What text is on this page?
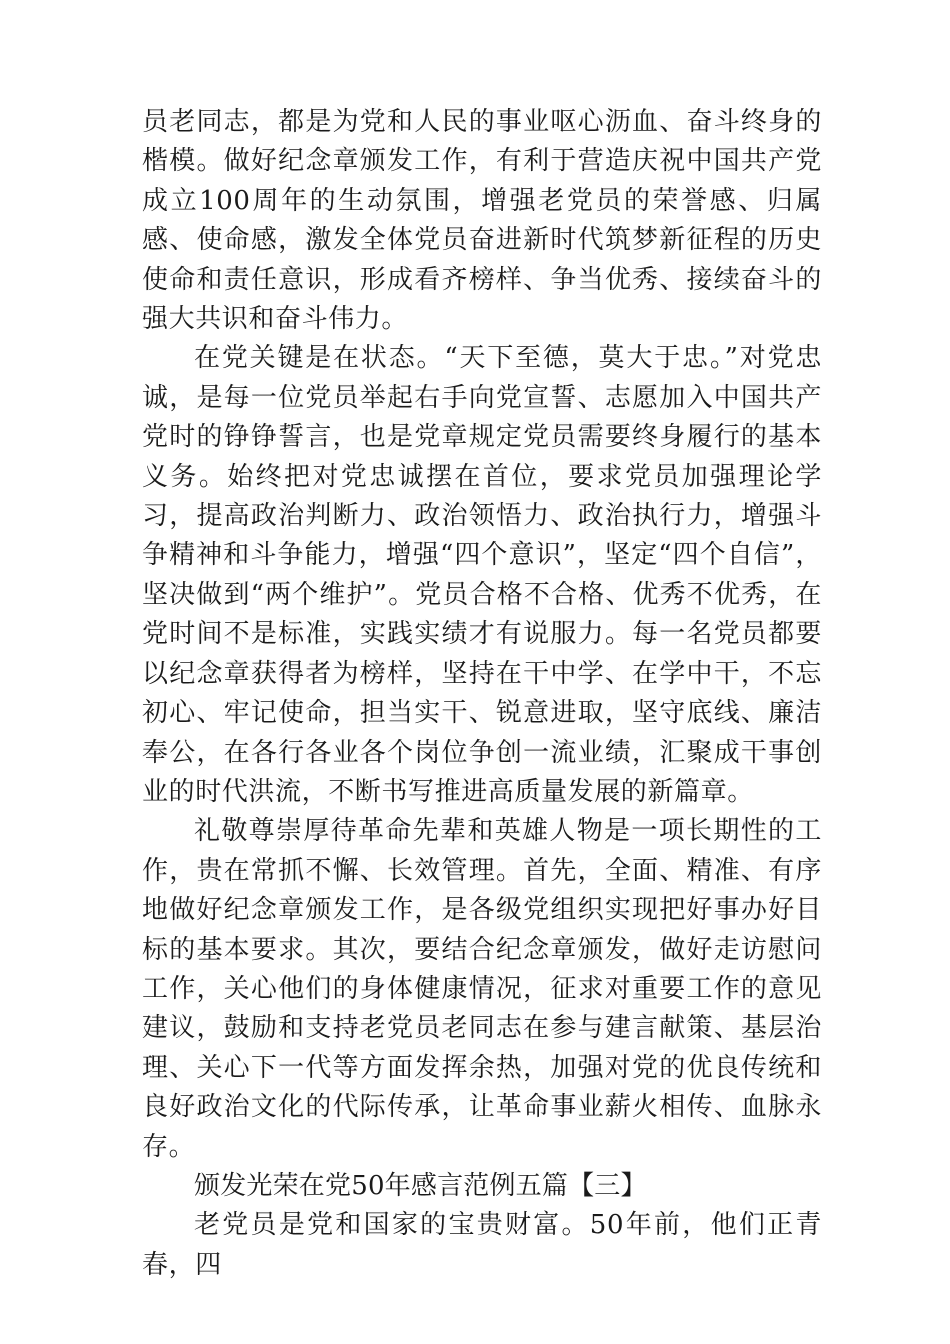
员老同志，都是为党和人民的事业呕心沥血、奋斗终身的楷模。做好纪念章颁发工作，有利于营造庆祝中国共产党成立100周年的生动氛围，增强老党员的荣誉感、归属感、使命感，激发全体党员奋进新时代筑梦新征程的历史使命和责任意识，形成看齐榜样、争当优秀、接续奋斗的强大共识和奋斗伟力。

在党关键是在状态。“天下至德，莫大于忠。”对党忠诚，是每一位党员举起右手向党宣誓、志愿加入中国共产党时的铮铮誓言，也是党章规定党员需要终身履行的基本义务。始终把对党忠诚摆在首位，要求党员加强理论学习，提高政治判断力、政治领悟力、政治执行力，增强斗争精神和斗争能力，增强“四个意识”，坚定“四个自信”，坚决做到“两个维护”。党员合格不合格、优秀不优秀，在党时间不是标准，实践实绩才有说服力。每一名党员都要以纪念章获得者为榜样，坚持在干中学、在学中干，不忘初心、牢记使命，担当实干、锐意进取，坚守底线、廉洁奉公，在各行各业各个岗位争创一流业绩，汇聚成干事创业的时代洪流，不断书写推进高质量发展的新篇章。

礼敬尊崇厚待革命先辈和英雄人物是一项长期性的工作，贵在常抓不懈、长效管理。首先，全面、精准、有序地做好纪念章颁发工作，是各级党组织实现把好事办好目标的基本要求。其次，要结合纪念章颁发，做好走访慰问工作，关心他们的身体健康情况，征求对重要工作的意见建议，鼓励和支持老党员老同志在参与建言献策、基层治理、关心下一代等方面发挥余热，加强对党的优良传统和良好政治文化的代际传承，让革命事业薪火相传、血脉永存。

颁发光荣在党50年感言范例五篇【三】

老党员是党和国家的宝贵财富。50年前，他们正青春，四
